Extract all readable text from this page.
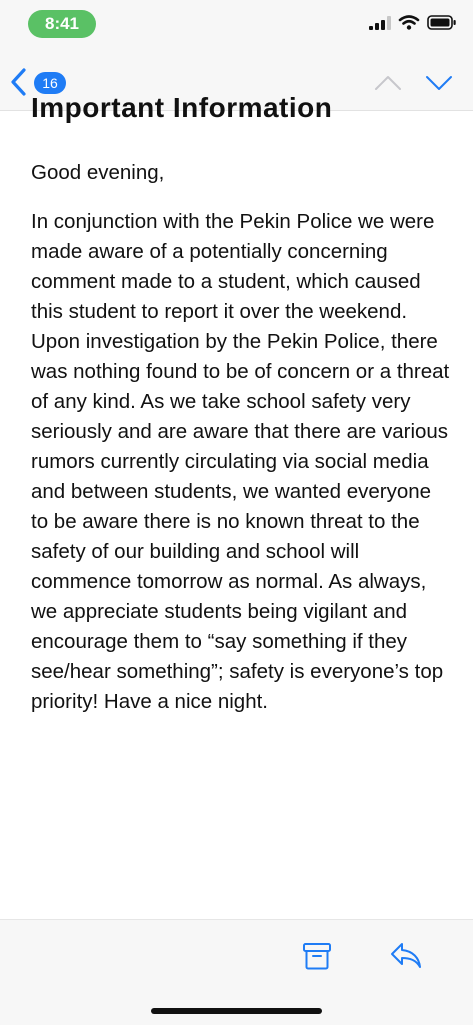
8:41
16
Important Information

Good evening,

In conjunction with the Pekin Police we were made aware of a potentially concerning comment made to a student, which caused this student to report it over the weekend. Upon investigation by the Pekin Police, there was nothing found to be of concern or a threat of any kind. As we take school safety very seriously and are aware that there are various rumors currently circulating via social media and between students, we wanted everyone to be aware there is no known threat to the safety of our building and school will commence tomorrow as normal. As always, we appreciate students being vigilant and encourage them to “say something if they see/hear something”; safety is everyone’s top priority! Have a nice night.
